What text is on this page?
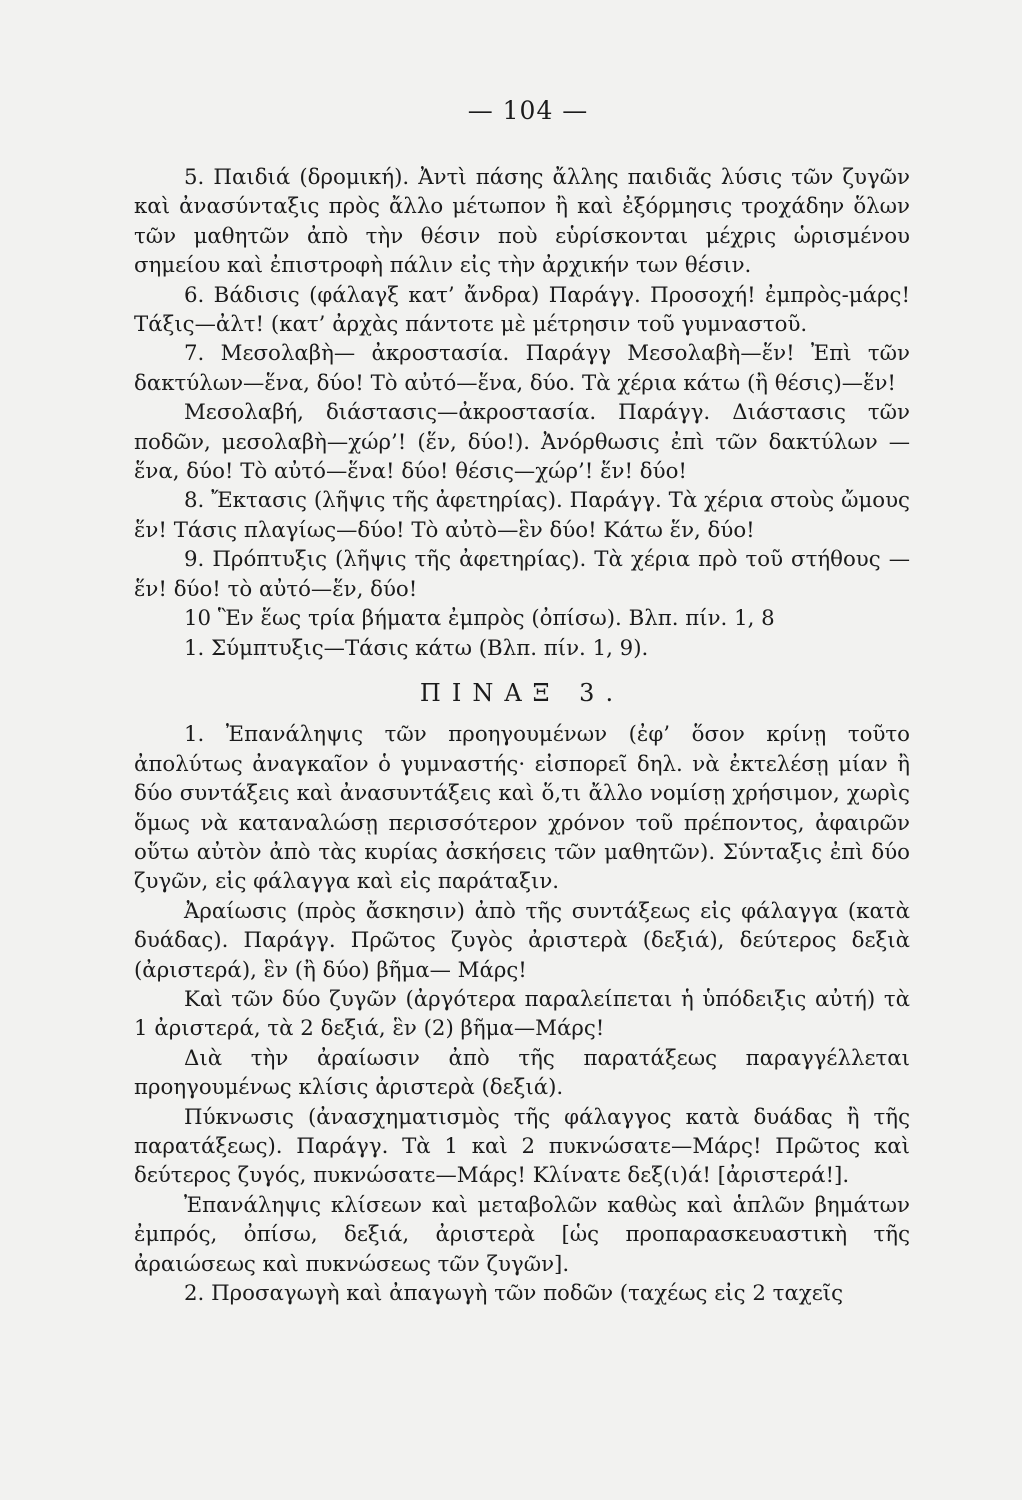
— 104 —

5. Παιδιά (δρομική). Ἀντὶ πάσης ἄλλης παιδιᾶς λύσις τῶν ζυγῶν καὶ ἀνασύνταξις πρὸς ἄλλο μέτωπον ἢ καὶ ἐξόρμησις τροχάδην ὅλων τῶν μαθητῶν ἀπὸ τὴν θέσιν ποὺ εὑρίσκονται μέχρις ὡρισμένου σημείου καὶ ἐπιστροφὴ πάλιν εἰς τὴν ἀρχικήν των θέσιν.

6. Βάδισις (φάλαγξ κατ’ ἄνδρα) Παράγγ. Προσοχή! ἐμπρὸς-μάρς! Τάξις—ἀλτ! (κατ’ ἀρχὰς πάντοτε μὲ μέτρησιν τοῦ γυμναστοῦ.

7. Μεσολαβὴ— ἀκροστασία. Παράγγ Μεσολαβὴ—ἕν! Ἐπὶ τῶν δακτύλων—ἕνα, δύο! Τὸ αὐτό—ἕνα, δύο. Τὰ χέρια κάτω (ἢ θέσις)—ἕν!

Μεσολαβή, διάστασις—ἀκροστασία. Παράγγ. Διάστασις τῶν ποδῶν, μεσολαβὴ—χώρ’! (ἕν, δύο!). Ἀνόρθωσις ἐπὶ τῶν δακτύλων —ἕνα, δύο! Τὸ αὐτό—ἕνα! δύο! θέσις—χώρ’! ἕν! δύο!

8. Ἔκτασις (λῆψις τῆς ἀφετηρίας). Παράγγ. Τὰ χέρια στοὺς ὤμους ἕν! Τάσις πλαγίως—δύο! Τὸ αὐτὸ—ἓν δύο! Κάτω ἕν, δύο!

9. Πρόπτυξις (λῆψις τῆς ἀφετηρίας). Τὰ χέρια πρὸ τοῦ στήθους —ἕν! δύο! τὸ αὐτό—ἕν, δύο!

10 Ἓν ἕως τρία βήματα ἐμπρὸς (ὀπίσω). Βλπ. πίν. 1, 8

1. Σύμπτυξις—Τάσις κάτω (Βλπ. πίν. 1, 9).

ΠΙΝΑΞ 3.

1. Ἐπανάληψις τῶν προηγουμένων (ἐφ’ ὅσον κρίνῃ τοῦτο ἀπολύτως ἀναγκαῖον ὁ γυμναστής· εἰσπορεῖ δηλ. νὰ ἐκτελέσῃ μίαν ἢ δύο συντάξεις καὶ ἀνασυντάξεις καὶ ὅ,τι ἄλλο νομίσῃ χρήσιμον, χωρὶς ὅμως νὰ καταναλώσῃ περισσότερον χρόνον τοῦ πρέποντος, ἀφαιρῶν οὕτω αὐτὸν ἀπὸ τὰς κυρίας ἀσκήσεις τῶν μαθητῶν). Σύνταξις ἐπὶ δύο ζυγῶν, εἰς φάλαγγα καὶ εἰς παράταξιν.

Ἀραίωσις (πρὸς ἄσκησιν) ἀπὸ τῆς συντάξεως εἰς φάλαγγα (κατὰ δυάδας). Παράγγ. Πρῶτος ζυγὸς ἀριστερὰ (δεξιά), δεύτερος δεξιὰ (ἀριστερά), ἓν (ἢ δύο) βῆμα— Μάρς!

Καὶ τῶν δύο ζυγῶν (ἀργότερα παραλείπεται ἡ ὑπόδειξις αὐτή) τὰ 1 ἀριστερά, τὰ 2 δεξιά, ἓν (2) βῆμα—Μάρς!

Διὰ τὴν ἀραίωσιν ἀπὸ τῆς παρατάξεως παραγγέλλεται προηγουμένως κλίσις ἀριστερὰ (δεξιά).

Πύκνωσις (ἀνασχηματισμὸς τῆς φάλαγγος κατὰ δυάδας ἢ τῆς παρατάξεως). Παράγγ. Τὰ 1 καὶ 2 πυκνώσατε—Μάρς! Πρῶτος καὶ δεύτερος ζυγός, πυκνώσατε—Μάρς! Κλίνατε δεξ(ι)ά! [ἀριστερά!].

Ἐπανάληψις κλίσεων καὶ μεταβολῶν καθὼς καὶ ἁπλῶν βημάτων ἐμπρός, ὀπίσω, δεξιά, ἀριστερὰ [ὡς προπαρασκευαστικὴ τῆς ἀραιώσεως καὶ πυκνώσεως τῶν ζυγῶν].

2. Προσαγωγὴ καὶ ἀπαγωγὴ τῶν ποδῶν (ταχέως εἰς 2 ταχεῖς
